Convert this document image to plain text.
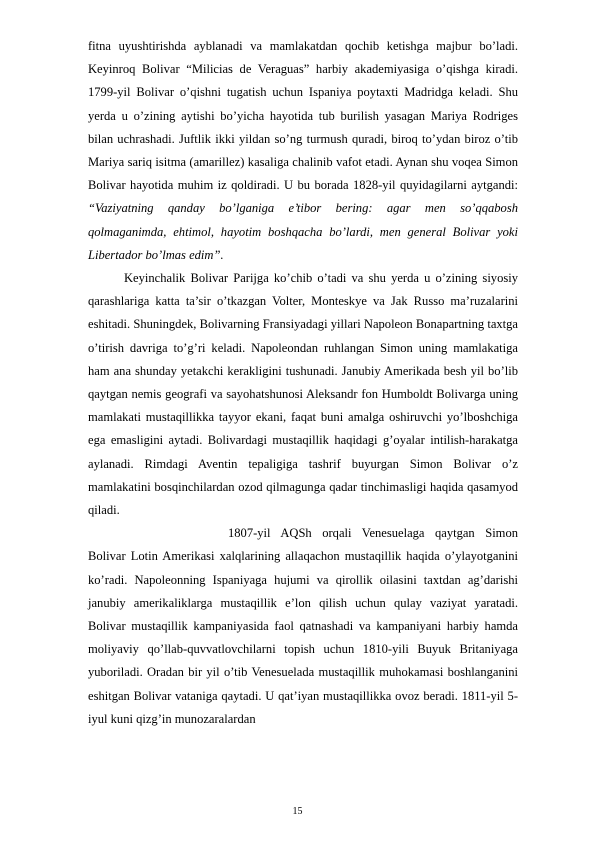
fitna uyushtirishda ayblanadi va mamlakatdan qochib ketishga majbur bo’ladi. Keyinroq Bolivar “Milicias de Veraguas” harbiy akademiyasiga o’qishga kiradi. 1799-yil Bolivar o’qishni tugatish uchun Ispaniya poytaxti Madridga keladi. Shu yerda u o’zining aytishi bo’yicha hayotida tub burilish yasagan Mariya Rodriges bilan uchrashadi. Juftlik ikki yildan so’ng turmush quradi, biroq to’ydan biroz o’tib Mariya sariq isitma (amarillez) kasaliga chalinib vafot etadi. Aynan shu voqea Simon Bolivar hayotida muhim iz qoldiradi. U bu borada 1828-yil quyidagilarni aytgandi: “Vaziyatning qanday bo’lganiga e’tibor bering: agar men so’qqabosh qolmaganimda, ehtimol, hayotim boshqacha bo’lardi, men general Bolivar yoki Libertador bo’lmas edim”.

Keyinchalik Bolivar Parijga ko’chib o’tadi va shu yerda u o’zining siyosiy qarashlariga katta ta’sir o’tkazgan Volter, Monteskye va Jak Russo ma’ruzalarini eshitadi. Shuningdek, Bolivarning Fransiyadagi yillari Napoleon Bonapartning taxtga o’tirish davriga to’g’ri keladi. Napoleondan ruhlangan Simon uning mamlakatiga ham ana shunday yetakchi kerakligini tushunadi. Janubiy Amerikada besh yil bo’lib qaytgan nemis geografi va sayohatshunosi Aleksandr fon Humboldt Bolivarga uning mamlakati mustaqillikka tayyor ekani, faqat buni amalga oshiruvchi yo’lboshchiga ega emasligini aytadi. Bolivardagi mustaqillik haqidagi g’oyalar intilish-harakatga aylanadi. Rimdagi Aventin tepaligiga tashrif buyurgan Simon Bolivar o’z mamlakatini bosqinchilardan ozod qilmagunga qadar tinchimasligi haqida qasamyod qiladi.

1807-yil AQSh orqali Venesuelaga qaytgan Simon Bolivar Lotin Amerikasi xalqlarining allaqachon mustaqillik haqida o’ylayotganini ko’radi. Napoleonning Ispaniyaga hujumi va qirollik oilasini taxtdan ag’darishi janubiy amerikaliklarga mustaqillik e’lon qilish uchun qulay vaziyat yaratadi. Bolivar mustaqillik kampaniyasida faol qatnashadi va kampaniyani harbiy hamda moliyaviy qo’llab-quvvatlovchilarni topish uchun 1810-yili Buyuk Britaniyaga yuboriladi. Oradan bir yil o’tib Venesuelada mustaqillik muhokamasi boshlanganini eshitgan Bolivar vataniga qaytadi. U qat’iyan mustaqillikka ovoz beradi. 1811-yil 5-iyul kuni qizg’in munozaralardan

15
